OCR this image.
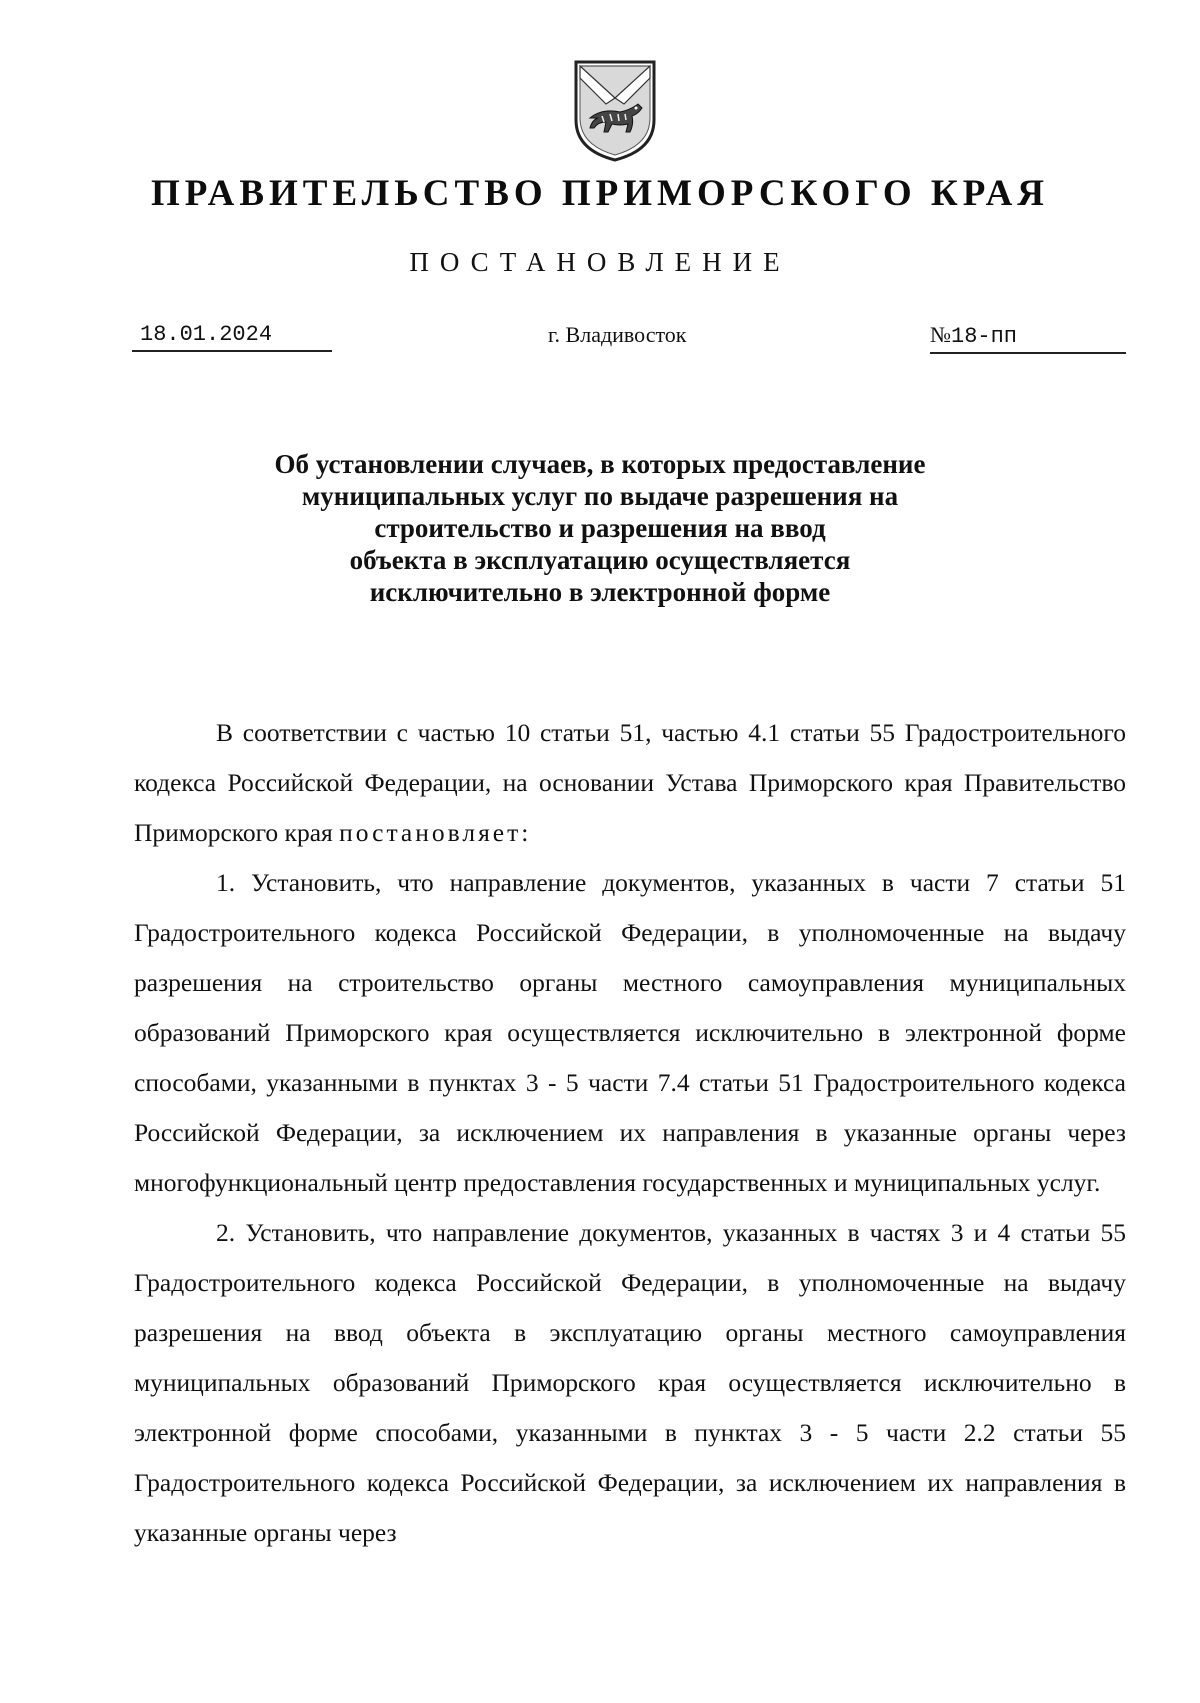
ПРАВИТЕЛЬСТВО ПРИМОРСКОГО КРАЯ
ПОСТАНОВЛЕНИЕ
18.01.2024	г. Владивосток	№18-пп
Об установлении случаев, в которых предоставление
муниципальных услуг по выдаче разрешения на
строительство и разрешения на ввод
объекта в эксплуатацию осуществляется
исключительно в электронной форме

В соответствии с частью 10 статьи 51, частью 4.1 статьи 55 Градостроительного кодекса Российской Федерации, на основании Устава Приморского края Правительство Приморского края постановляет:

1. Установить, что направление документов, указанных в части 7 статьи 51 Градостроительного кодекса Российской Федерации, в уполномоченные на выдачу разрешения на строительство органы местного самоуправления муниципальных образований Приморского края осуществляется исключительно в электронной форме способами, указанными в пунктах 3 - 5 части 7.4 статьи 51 Градостроительного кодекса Российской Федерации, за исключением их направления в указанные органы через многофункциональный центр предоставления государственных и муниципальных услуг.

2. Установить, что направление документов, указанных в частях 3 и 4 статьи 55 Градостроительного кодекса Российской Федерации, в уполномоченные на выдачу разрешения на ввод объекта в эксплуатацию органы местного самоуправления муниципальных образований Приморского края осуществляется исключительно в электронной форме способами, указанными в пунктах 3 - 5 части 2.2 статьи 55 Градостроительного кодекса Российской Федерации, за исключением их направления в указанные органы через
